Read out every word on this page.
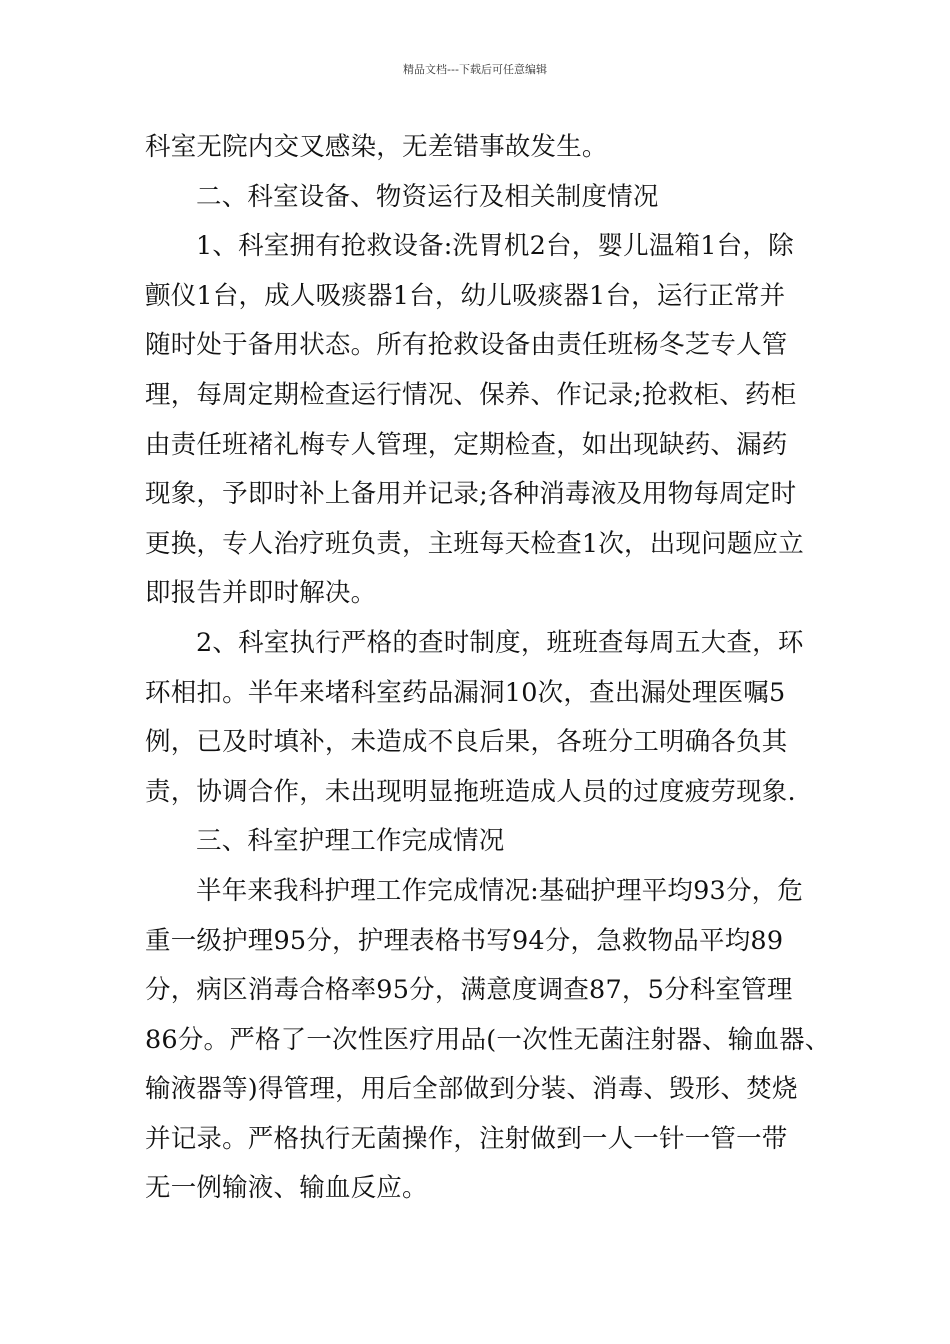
精品文档---下载后可任意编辑
科室无院内交叉感染，无差错事故发生。
二、科室设备、物资运行及相关制度情况
1、科室拥有抢救设备:洗胃机2台，婴儿温箱1台，除
颤仪1台，成人吸痰器1台，幼儿吸痰器1台，运行正常并
随时处于备用状态。所有抢救设备由责任班杨冬芝专人管
理，每周定期检查运行情况、保养、作记录;抢救柜、药柜
由责任班褚礼梅专人管理，定期检查，如出现缺药、漏药
现象，予即时补上备用并记录;各种消毒液及用物每周定时
更换，专人治疗班负责，主班每天检查1次，出现问题应立
即报告并即时解决。
2、科室执行严格的查时制度，班班查每周五大查，环
环相扣。半年来堵科室药品漏洞10次，查出漏处理医嘱5
例，已及时填补，未造成不良后果，各班分工明确各负其
责，协调合作，未出现明显拖班造成人员的过度疲劳现象.
三、科室护理工作完成情况
半年来我科护理工作完成情况:基础护理平均93分，危
重一级护理95分，护理表格书写94分，急救物品平均89
分，病区消毒合格率95分，满意度调查87，5分科室管理
86分。严格了一次性医疗用品(一次性无菌注射器、输血器、
输液器等)得管理，用后全部做到分装、消毒、毁形、焚烧
并记录。严格执行无菌操作，注射做到一人一针一管一带
无一例输液、输血反应。
